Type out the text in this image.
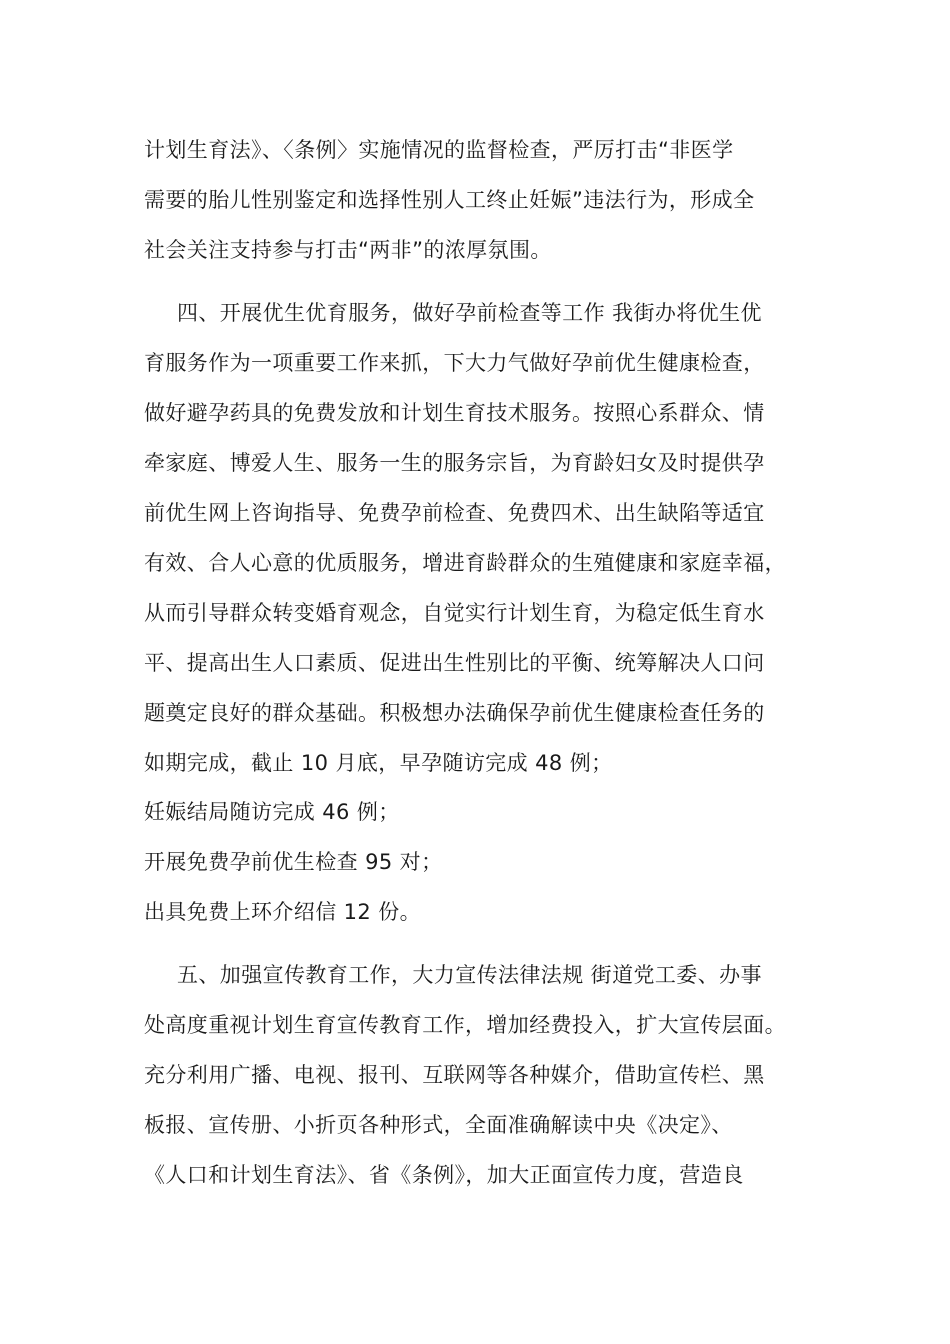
计划生育法》、〈条例〉实施情况的监督检查，严厉打击“非医学
需要的胎儿性别鉴定和选择性别人工终止妊娠”违法行为，形成全
社会关注支持参与打击“两非”的浓厚氛围。
四、开展优生优育服务，做好孕前检查等工作 我街办将优生优
育服务作为一项重要工作来抓，下大力气做好孕前优生健康检查，
做好避孕药具的免费发放和计划生育技术服务。按照心系群众、情
牵家庭、博爱人生、服务一生的服务宗旨，为育龄妇女及时提供孕
前优生网上咨询指导、免费孕前检查、免费四术、出生缺陷等适宜
有效、合人心意的优质服务，增进育龄群众的生殖健康和家庭幸福，
从而引导群众转变婚育观念，自觉实行计划生育，为稳定低生育水
平、提高出生人口素质、促进出生性别比的平衡、统筹解决人口问
题奠定良好的群众基础。积极想办法确保孕前优生健康检查任务的
如期完成，截止 10 月底，早孕随访完成 48 例；
妊娠结局随访完成 46 例；
开展免费孕前优生检查 95 对；
出具免费上环介绍信 12 份。
五、加强宣传教育工作，大力宣传法律法规 街道党工委、办事
处高度重视计划生育宣传教育工作，增加经费投入，扩大宣传层面。
充分利用广播、电视、报刊、互联网等各种媒介，借助宣传栏、黑
板报、宣传册、小折页各种形式，全面准确解读中央《决定》、
《人口和计划生育法》、省《条例》，加大正面宣传力度，营造良
